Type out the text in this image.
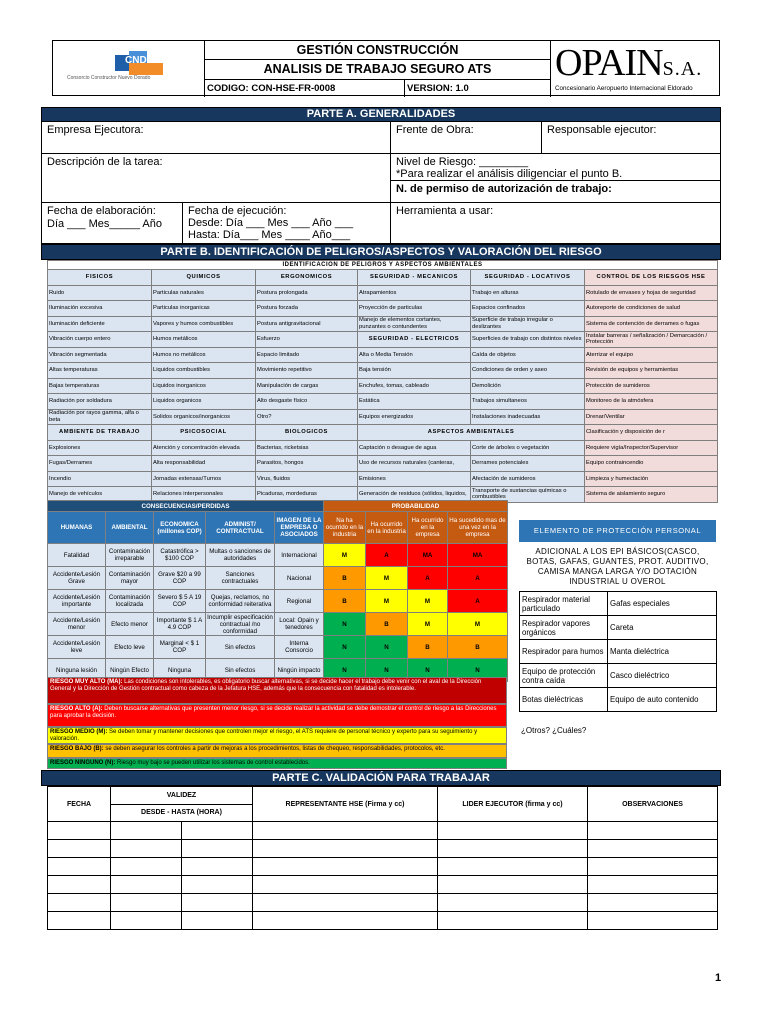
CND
Consorcio Constructor Nuevo Dorado
GESTIÓN CONSTRUCCIÓN
ANALISIS DE TRABAJO SEGURO ATS
CODIGO: CON-HSE-FR-0008	VERSION: 1.0
OPAINS.A.
Concesionario Aeropuerto Internacional Eldorado
PARTE A. GENERALIDADES
Empresa Ejecutora:	Frente de Obra:	Responsable ejecutor:
Descripción de la tarea:	Nivel de Riesgo: ________
*Para realizar el análisis diligenciar el punto B.
N. de permiso de autorización de trabajo:
Fecha de elaboración:
Día ___ Mes_____ Año
Fecha de ejecución:
Desde: Día ___ Mes ___ Año ___
Hasta: Día___ Mes ____ Año___
Herramienta a usar:
PARTE B. IDENTIFICACIÓN DE PELIGROS/ASPECTOS Y VALORACIÓN DEL RIESGO
IDENTIFICACIÓN DE PELIGROS Y ASPECTOS AMBIENTALES					
FISICOS	QUIMICOS	ERGONOMICOS	SEGURIDAD - MECANICOS	SEGURIDAD - LOCATIVOS	CONTROL DE LOS RIESGOS HSE
Ruido	Particulas naturales	Postura prolongada	Atrapamientos	Trabajo en alturas	Rotulado de envases y hojas de seguridad
Iluminación excesiva	Particulas inorganicas	Postura forzada	Proyección de particulas	Espacios confinados	Autoreporte de condiciones de salud
Iluminación deficiente	Vapores y humos combustibles	Postura antigravitacional	Manejo de elementos cortantes, punzantes o contundentes	Superficie de trabajo irregular o deslizantes	Sistema de contención de derrames o fugas
Vibración cuerpo entero	Humos metálicos	Esfuerzo	SEGURIDAD - ELECTRICOS	Superficies de trabajo con distintos niveles	Instalar barreras / señalización / Demarcación / Protección
Vibración segmentada	Humos no metálicos	Espacio limitado	Alta o Media Tensión	Caída de objetos	Aterrizar el equipo
Altas temperaturas	Liquidos combustibles	Movimiento repetitivo	Baja tensión	Condiciones de orden y aseo	Revisión de equipos y herramientas
Bajas temperaturas	Liquidos inorganicos	Manipulación de cargas	Enchufes, tomas, cableado	Demolición	Protección de sumideros
Radiación por soldadura	Liquidos organicos	Alto desgaste físico	Estática	Trabajos simultaneos	Monitoreo de la atmósfera
Radiación por rayos gamma, alfa o beta	Solidos organicos/inorganicos	Otro?	Equipos energizados	Instalaciones inadecuadas	Drenar/Ventilar
AMBIENTE DE TRABAJO	PSICOSOCIAL	BIOLOGICOS	ASPECTOS AMBIENTALES		Clasificación y disposición de r
Explosiones	Atención y concentración elevada	Bacterias, ricketsias	Captación o desague de agua	Corte de árboles o vegetación	Requiere vigía/Inspector/Supervisor
Fugas/Derrames	Alta responsabilidad	Parasitos, hongos	Uso de recursos naturales (canteras,	Derrames potenciales	Equipo contraincendio
Incendio	Jornadas extensas/Turnos	Virus, fluidos	Emisiones	Afectación de sumideros	Limpieza y humectación
Manejo de vehículos	Relaciones interpersonales	Picaduras, mordeduras	Generación de residuos (sólidos, liquidos,	Transporte de sustancias químicas o combustibles	Sistema de aislamiento seguro
CONSECUENCIAS/PERDIDAS					PROBABILIDAD			
HUMANAS	AMBIENTAL	ECONOMICA (millones COP)	ADMINIST/ CONTRACTUAL	IMAGEN DE LA EMPRESA O ASOCIADOS	Na ha ocurrido en la industria	Ha ocurrido en la industria	Ha ocurrido en la empresa	Ha sucedido mas de una vez en la empresa
Fatalidad	Contaminación irreparable	Catastrófica > $100 COP	Multas o sanciones de autoridades	Internacional	M	A	MA	MA
Accidente/Lesión Grave	Contaminación mayor	Grave $20 a 99 COP	Sanciones contractuales	Nacional	B	M	A	A
Accidente/Lesión importante	Contaminación localizada	Severo $ 5 A 19 COP	Quejas, reclamos, no conformidad reiterativa	Regional	B	M	M	A
Accidente/Lesión menor	Efecto menor	Importante $ 1 A 4.9 COP	Incumplir especificación contractual /no conformidad	Local: Opain y tenedores	N	B	M	M
Accidente/Lesión leve	Efecto leve	Marginal < $ 1 COP	Sin efectos	Interna Consorcio	N	N	B	B
Ninguna lesión	Ningún Efecto	Ninguna	Sin efectos	Ningún impacto	N	N	N	N
RIESGO MUY ALTO (MA): Las condiciones son intolerables, es obligatorio buscar alternativas, si se decide hacer el trabajo debe venir con el aval de la Dirección General y la Dirección de Gestión contractual como cabeza de la Jefatura HSE, además que la consecuencia con fatalidad es intolerable.
RIESGO ALTO (A): Deben buscarse alternativas que presenten menor riesgo, si se decide realizar la actividad se debe demostrar el control de riesgo a las Direcciones para aprobar la decisión.
RIESGO MEDIO (M): Se deben tomar y mantener decisiones que controlen mejor el riesgo, el ATS requiere de personal técnico y experto para su seguimiento y valoración.
RIESGO BAJO (B): se deben asegurar los controles a partir de mejoras a los procedimientos, listas de chequeo, responsabilidades, protocolos, etc.
RIESGO NINGUNO (N): Riesgo muy bajo se pueden utilizar los sistemas de control establecidos.
ELEMENTO DE PROTECCIÓN PERSONAL
ADICIONAL A LOS EPI BÁSICOS(CASCO, BOTAS, GAFAS, GUANTES, PROT. AUDITIVO, CAMISA MANGA LARGA Y/O DOTACIÓN INDUSTRIAL U OVEROL
Respirador material particulado	Gafas especiales
Respirador vapores orgánicos	Careta
Respirador para humos	Manta dieléctrica
Equipo de protección contra caída	Casco dieléctrico
Botas dieléctricas	Equipo de auto contenido
¿Otros? ¿Cuáles?
PARTE C. VALIDACIÓN PARA TRABAJAR
FECHA	VALIDEZ	REPRESENTANTE HSE (Firma y cc)	LIDER EJECUTOR (firma y cc)	OBSERVACIONES
	DESDE - HASTA (HORA)			

1
